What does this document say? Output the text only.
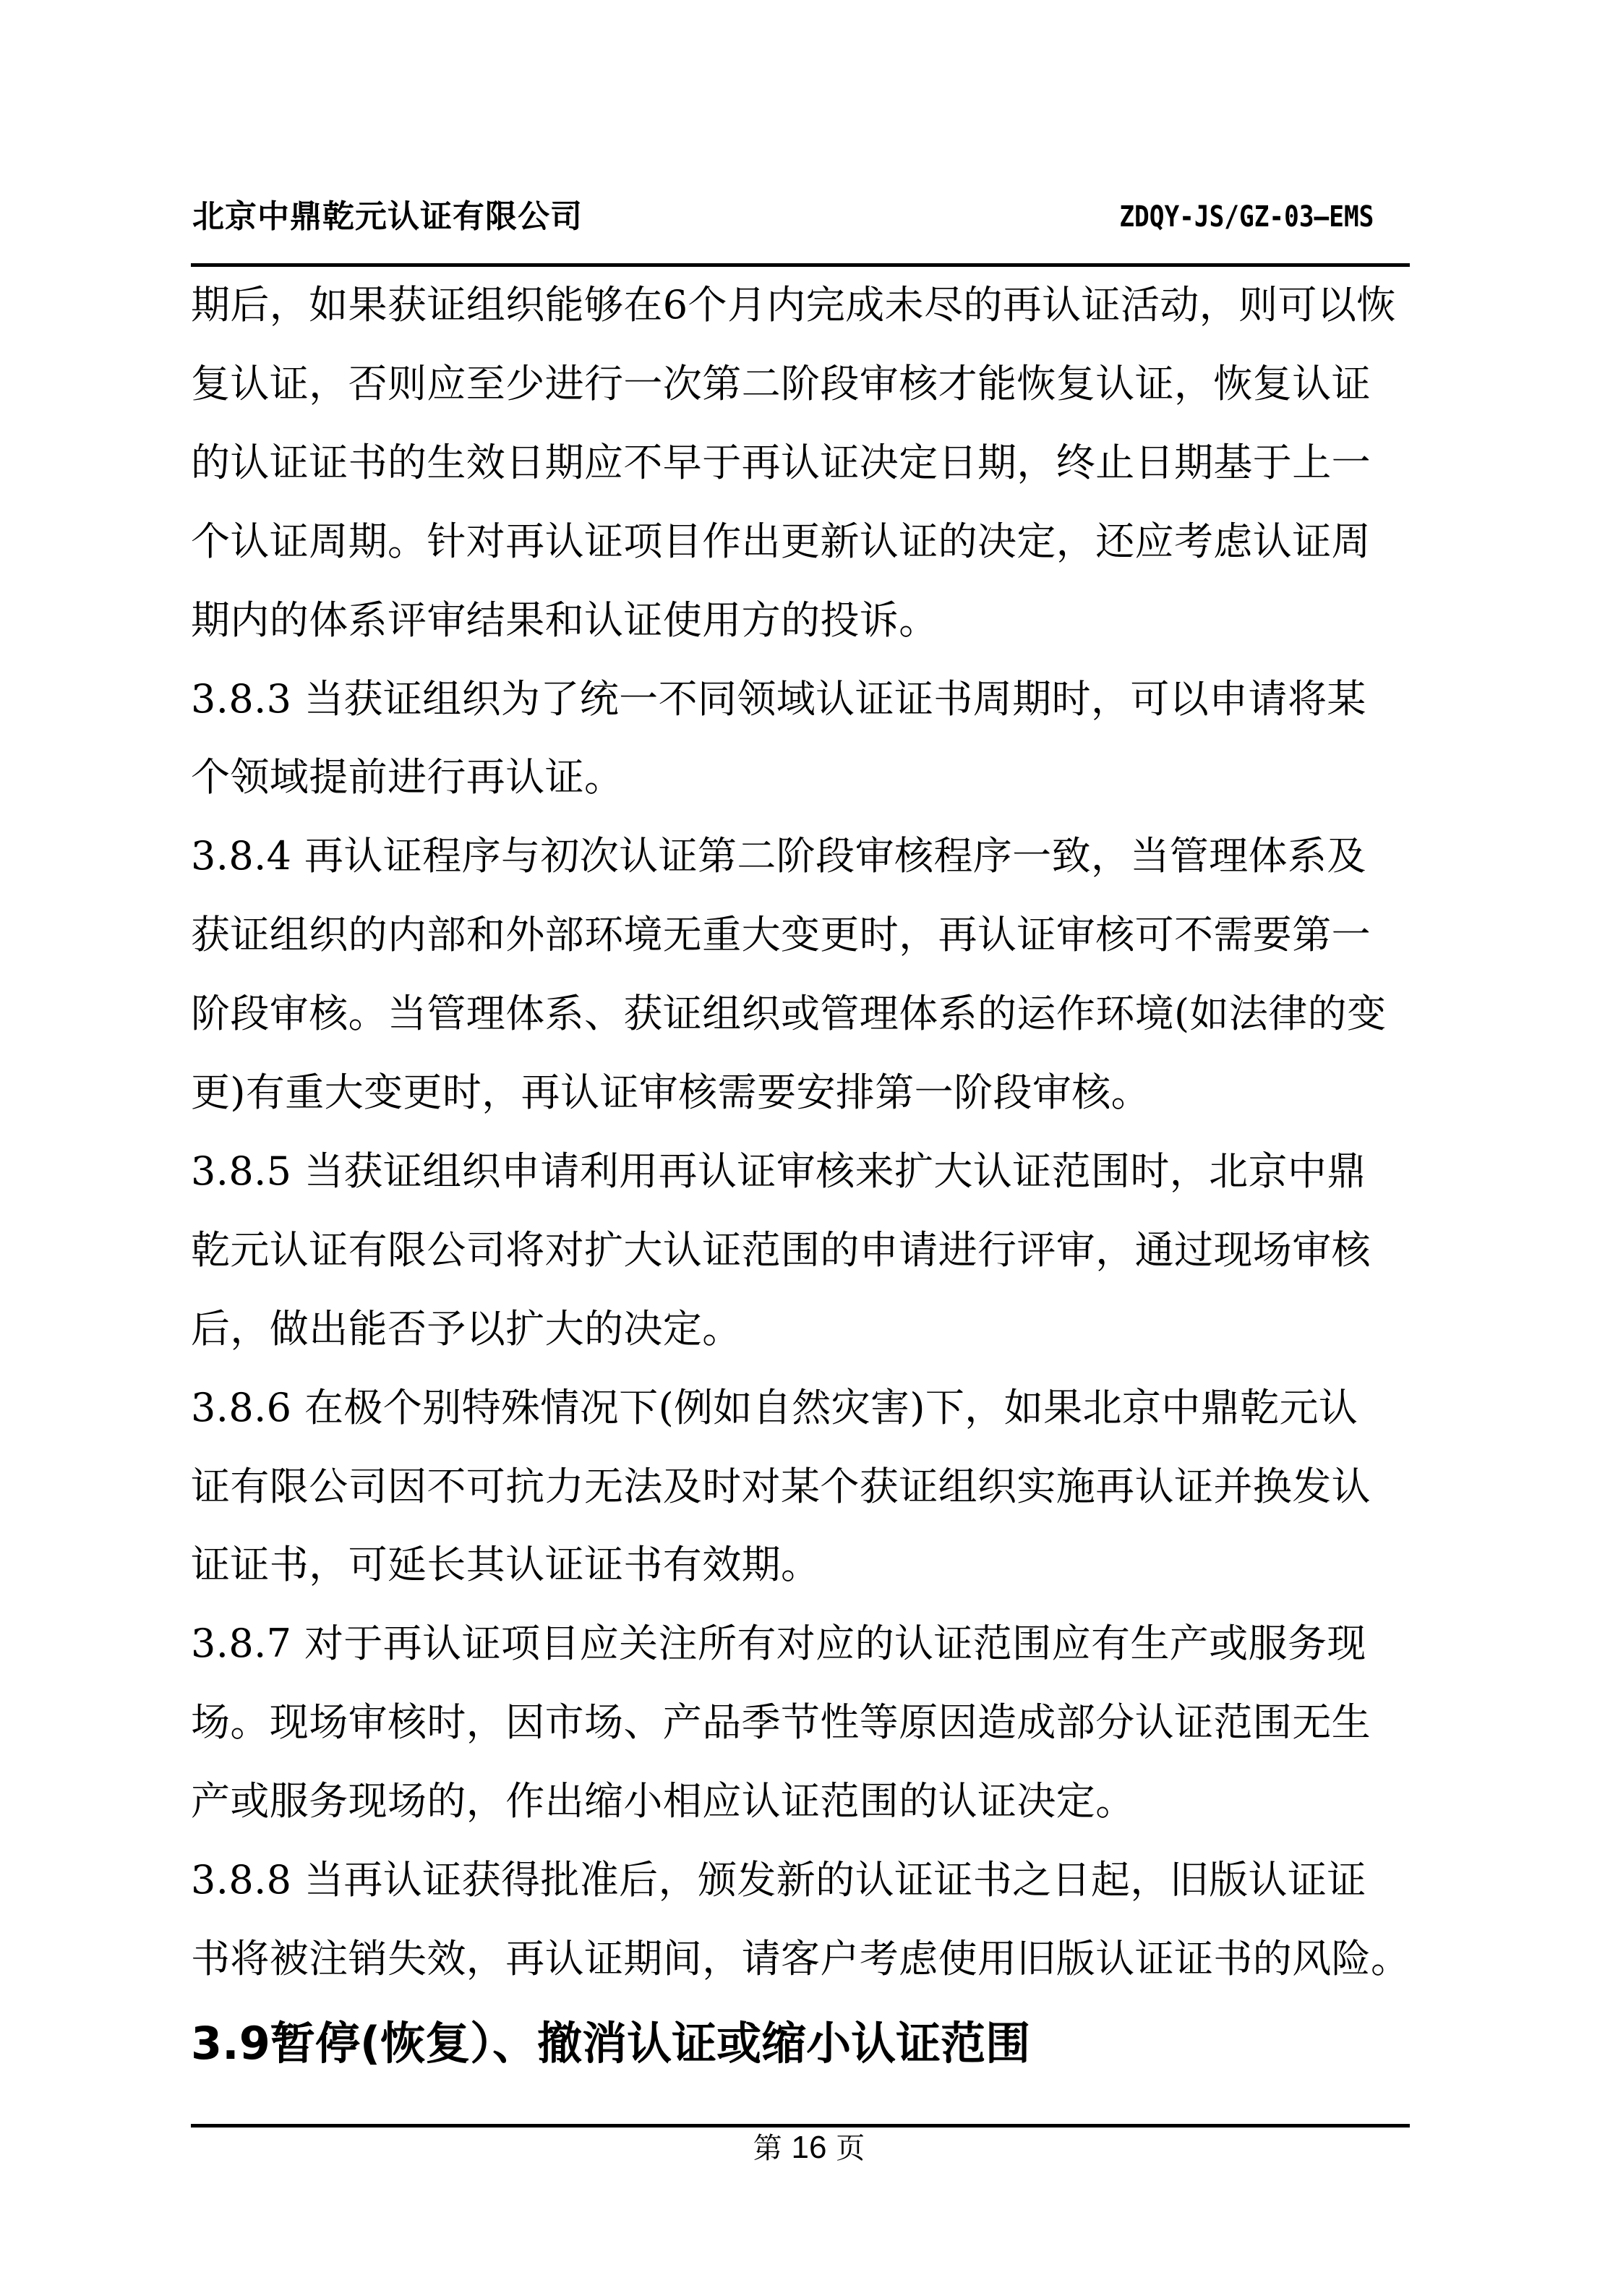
北京中鼎乾元认证有限公司	ZDQY-JS/GZ-03—EMS
期后，如果获证组织能够在6个月内完成未尽的再认证活动，则可以恢
复认证，否则应至少进行一次第二阶段审核才能恢复认证，恢复认证
的认证证书的生效日期应不早于再认证决定日期，终止日期基于上一
个认证周期。针对再认证项目作出更新认证的决定，还应考虑认证周
期内的体系评审结果和认证使用方的投诉。
3.8.3 当获证组织为了统一不同领域认证证书周期时，可以申请将某
个领域提前进行再认证。
3.8.4 再认证程序与初次认证第二阶段审核程序一致，当管理体系及
获证组织的内部和外部环境无重大变更时，再认证审核可不需要第一
阶段审核。当管理体系、获证组织或管理体系的运作环境(如法律的变
更)有重大变更时，再认证审核需要安排第一阶段审核。
3.8.5 当获证组织申请利用再认证审核来扩大认证范围时，北京中鼎
乾元认证有限公司将对扩大认证范围的申请进行评审，通过现场审核
后，做出能否予以扩大的决定。
3.8.6 在极个别特殊情况下(例如自然灾害)下，如果北京中鼎乾元认
证有限公司因不可抗力无法及时对某个获证组织实施再认证并换发认
证证书，可延长其认证证书有效期。
3.8.7 对于再认证项目应关注所有对应的认证范围应有生产或服务现
场。现场审核时，因市场、产品季节性等原因造成部分认证范围无生
产或服务现场的，作出缩小相应认证范围的认证决定。
3.8.8 当再认证获得批准后，颁发新的认证证书之日起，旧版认证证
书将被注销失效，再认证期间，请客户考虑使用旧版认证证书的风险。
3.9暂停(恢复）、撤消认证或缩小认证范围
第 16 页
